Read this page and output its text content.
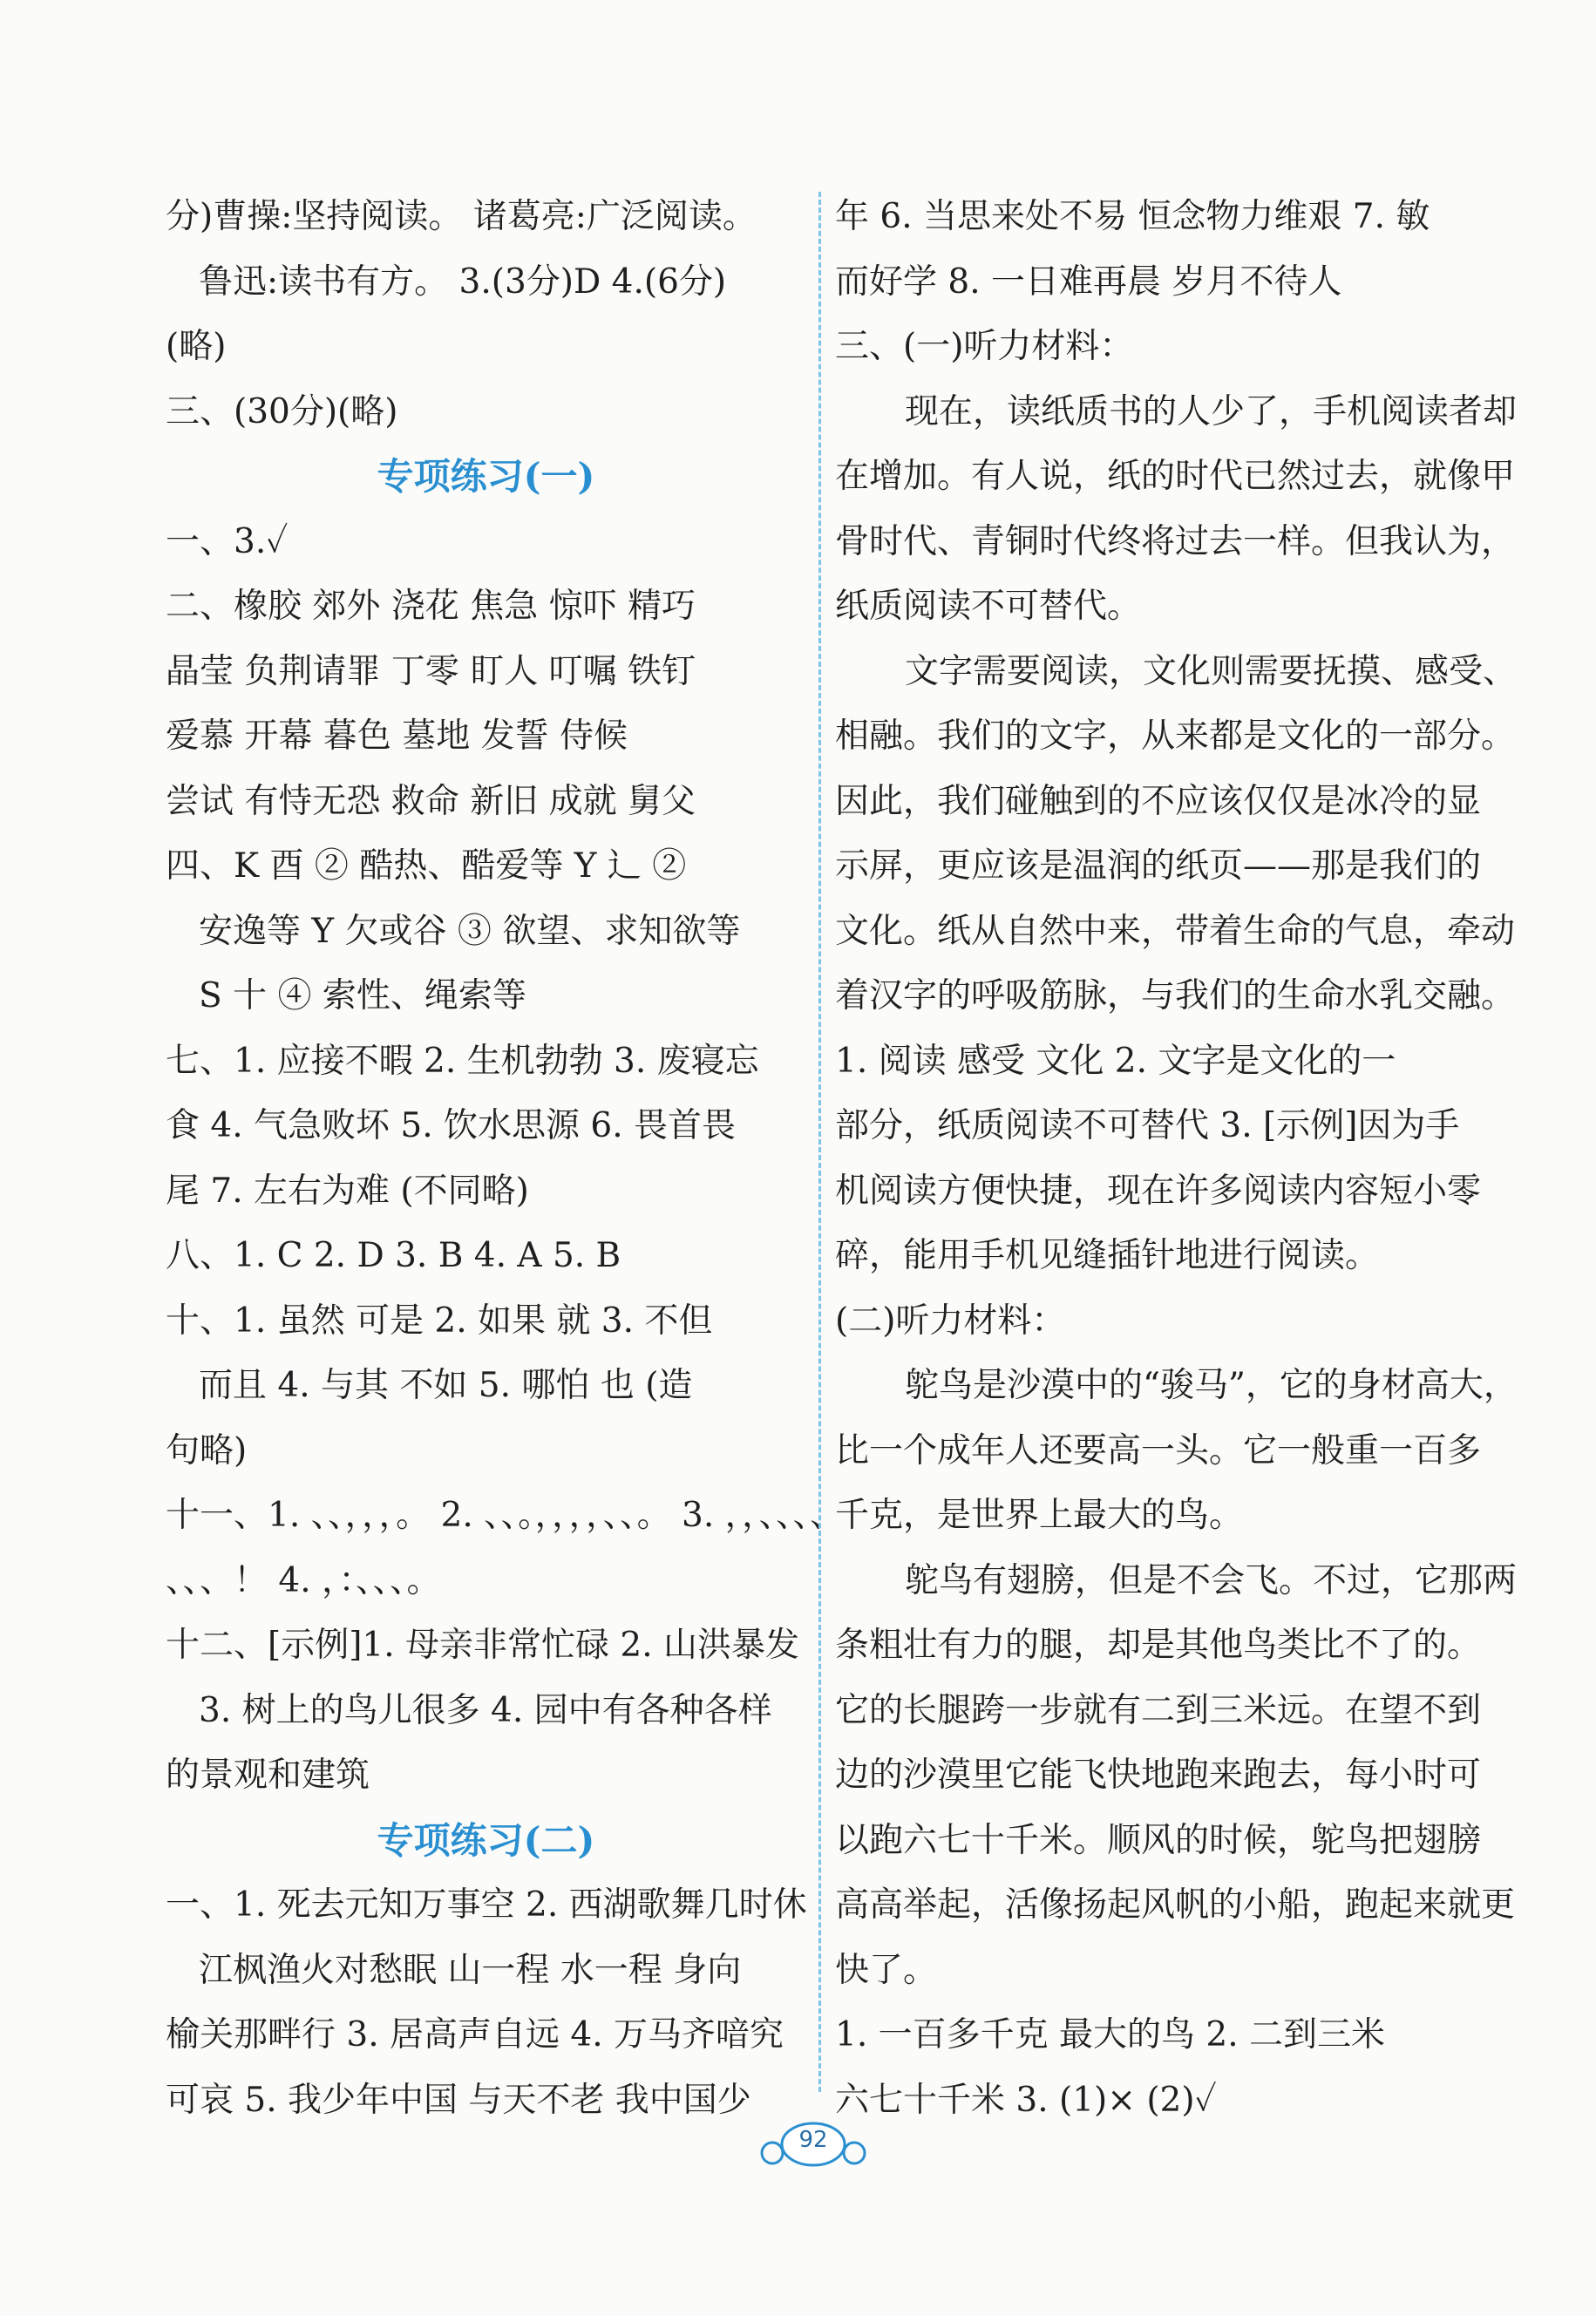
分)曹操:坚持阅读。 诸葛亮:广泛阅读。
鲁迅:读书有方。 3.(3分)D 4.(6分)
(略)
三、(30分)(略)
专项练习(一)
一、3.✓
二、橡胶 郊外 浇花 焦急 惊吓 精巧
晶莹 负荆请罪 丁零 盯人 叮嘱 铁钉
爱慕 开幕 暮色 墓地 发誓 侍候
尝试 有恃无恐 救命 新旧 成就 舅父
四、K 酉 ② 酷热、酷爱等 Y 辶 ②
安逸等 Y 欠或谷 ③ 欲望、求知欲等
S 十 ④ 索性、绳索等
七、1. 应接不暇 2. 生机勃勃 3. 废寝忘
食 4. 气急败坏 5. 饮水思源 6. 畏首畏
尾 7. 左右为难 (不同略)
八、1. C 2. D 3. B 4. A 5. B
十、1. 虽然 可是 2. 如果 就 3. 不但
而且 4. 与其 不如 5. 哪怕 也 (造
句略)
十一、1. 、、，，，。 2. 、、。，，，，、、。 3. ，，、、、、
、、、！ 4. ，：、、、。
十二、[示例]1. 母亲非常忙碌 2. 山洪暴发
3. 树上的鸟儿很多 4. 园中有各种各样
的景观和建筑
专项练习(二)
一、1. 死去元知万事空 2. 西湖歌舞几时休
江枫渔火对愁眠 山一程 水一程 身向
榆关那畔行 3. 居高声自远 4. 万马齐喑究
可哀 5. 我少年中国 与天不老 我中国少
年 6. 当思来处不易 恒念物力维艰 7. 敏
而好学 8. 一日难再晨 岁月不待人
三、(一)听力材料：
现在，读纸质书的人少了，手机阅读者却
在增加。有人说，纸的时代已然过去，就像甲
骨时代、青铜时代终将过去一样。但我认为，
纸质阅读不可替代。
文字需要阅读，文化则需要抚摸、感受、
相融。我们的文字，从来都是文化的一部分。
因此，我们碰触到的不应该仅仅是冰冷的显
示屏，更应该是温润的纸页——那是我们的
文化。纸从自然中来，带着生命的气息，牵动
着汉字的呼吸筋脉，与我们的生命水乳交融。
1. 阅读 感受 文化 2. 文字是文化的一
部分，纸质阅读不可替代 3. [示例]因为手
机阅读方便快捷，现在许多阅读内容短小零
碎，能用手机见缝插针地进行阅读。
(二)听力材料：
鸵鸟是沙漠中的“骏马”，它的身材高大，
比一个成年人还要高一头。它一般重一百多
千克，是世界上最大的鸟。
鸵鸟有翅膀，但是不会飞。不过，它那两
条粗壮有力的腿，却是其他鸟类比不了的。
它的长腿跨一步就有二到三米远。在望不到
边的沙漠里它能飞快地跑来跑去，每小时可
以跑六七十千米。顺风的时候，鸵鸟把翅膀
高高举起，活像扬起风帆的小船，跑起来就更
快了。
1. 一百多千克 最大的鸟 2. 二到三米
六七十千米 3. (1)× (2)✓
92
